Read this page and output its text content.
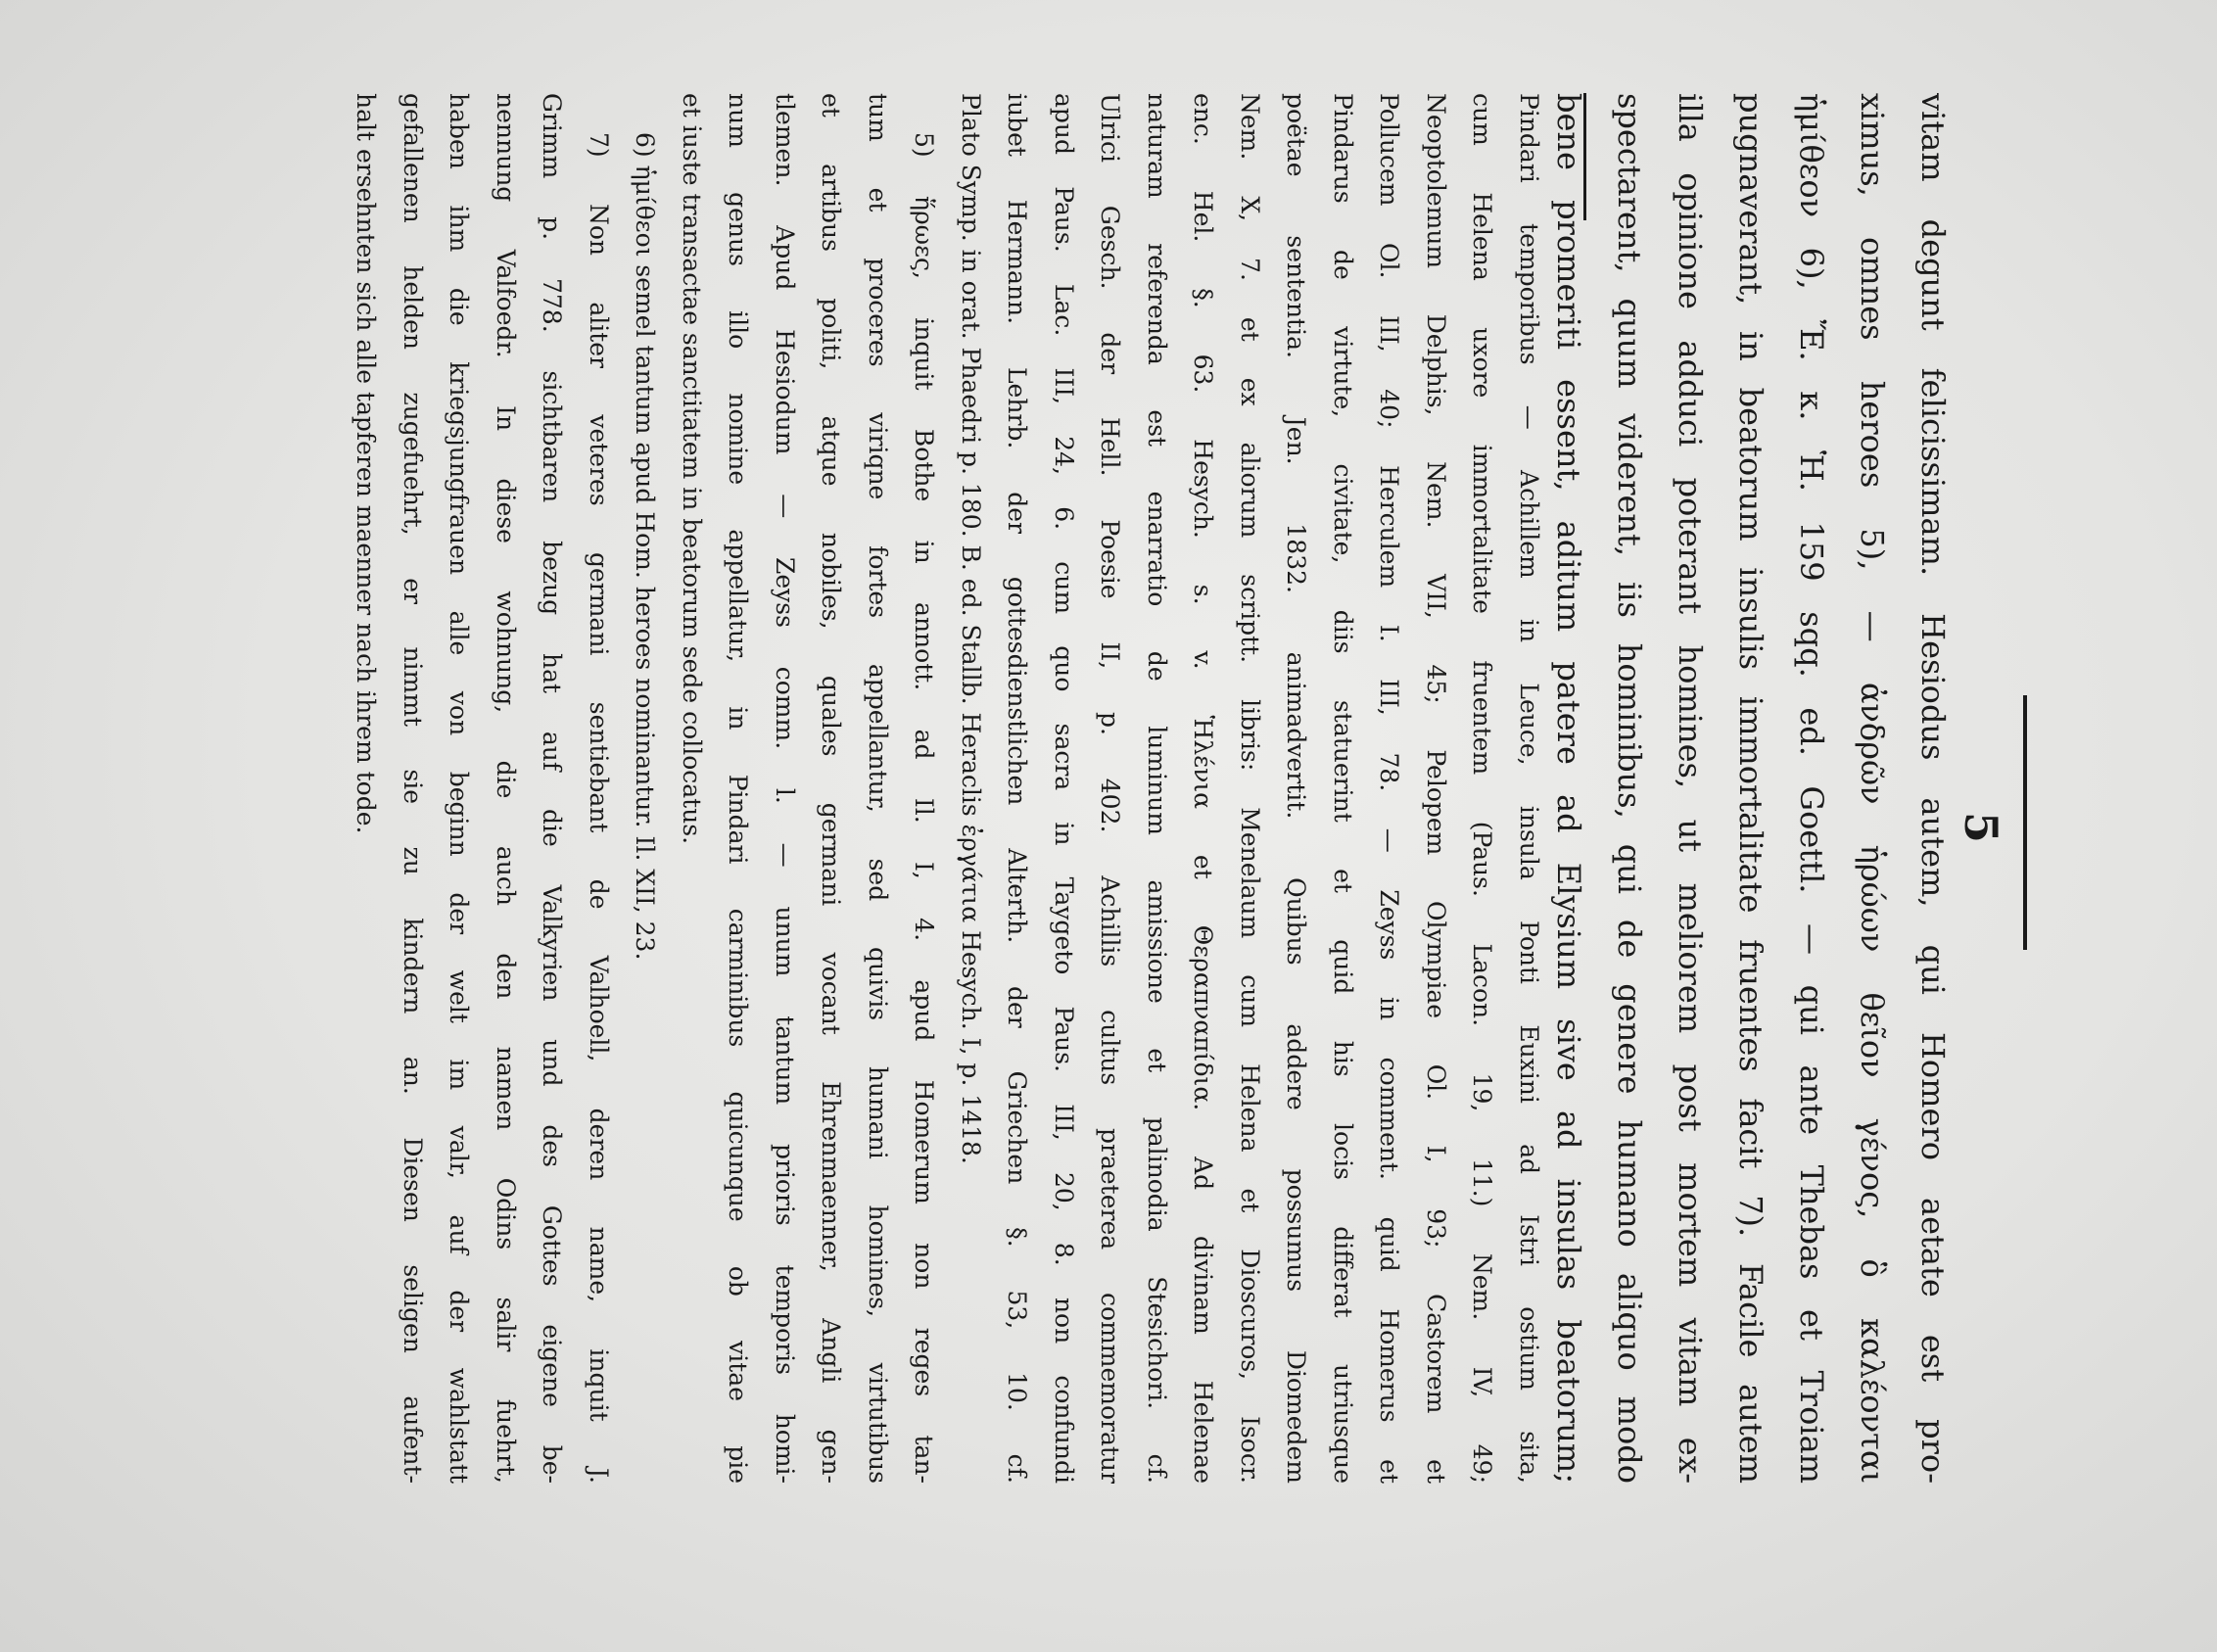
5
vitam degunt felicissimam. Hesiodus autem, qui Homero aetate est pro-
ximus, omnes heroes 5), — ἀνδρῶν ἡρώων θεῖον γένος, ὃ καλέονται
ἡμίθεον 6), Ἔ. κ. Ἡ. 159 sqq. ed. Goettl. — qui ante Thebas et Troiam
pugnaverant, in beatorum insulis immortalitate fruentes facit 7). Facile autem
illa opinione adduci poterant homines, ut meliorem post mortem vitam ex-
spectarent, quum viderent, iis hominibus, qui de genere humano aliquo modo
bene promeriti essent, aditum patere ad Elysium sive ad insulas beatorum;
Pindari temporibus — Achillem in Leuce, insula Ponti Euxini ad Istri ostium sita,
cum Helena uxore immortalitate fruentem (Paus. Lacon. 19, 11.) Nem. IV, 49;
Neoptolemum Delphis, Nem. VII, 45; Pelopem Olympiae Ol. I, 93; Castorem et
Pollucem Ol. III, 40; Herculem I. III, 78. — Zeyss in comment. quid Homerus et
Pindarus de virtute, civitate, diis statuerint et quid his locis differat utriusque
poëtae sententia. Jen. 1832. animadvertit. Quibus addere possumus Diomedem
Nem. X, 7. et ex aliorum scriptt. libris: Menelaum cum Helena et Dioscuros, Isocr.
enc. Hel. §. 63. Hesych. s. v. Ἡλένια et Θεραπναπίδια. Ad divinam Helenae
naturam referenda est enarratio de luminum amissione et palinodia Stesichori. cf.
Ulrici Gesch. der Hell. Poesie II, p. 402. Achillis cultus praeterea commemoratur
apud Paus. Lac. III, 24, 6. cum quo sacra in Taygeto Paus. III, 20, 8. non confundi
iubet Hermann. Lehrb. der gottesdienstlichen Alterth. der Griechen §. 53, 10. cf.
Plato Symp. in orat. Phaedri p. 180. B. ed. Stallb. Heraclis ἐργάτια Hesych. I, p. 1418.
5) ἥρωες, inquit Bothe in annott. ad Il. I, 4. apud Homerum non reges tan-
tum et proceres viriqne fortes appellantur, sed quivis humani homines, virtutibus
et artibus politi, atque nobiles, quales germani vocant Ehrenmaenner, Angli gen-
tlemen. Apud Hesiodum — Zeyss comm. l. — unum tantum prioris temporis homi-
num genus illo nomine appellatur, in Pindari carminibus quicunque ob vitae pie
et iuste transactae sanctitatem in beatorum sede collocatus.
6) ἡμίθεοι semel tantum apud Hom. heroes nominantur. Il. XII, 23.
7) Non aliter veteres germani sentiebant de Valhoell, deren name, inquit J.
Grimm p. 778. sichtbaren bezug hat auf die Valkyrien und des Gottes eigene be-
nennung Valfoedr. In diese wohnung, die auch den namen Odins salir fuehrt,
haben ihm die kriegsjungfrauen alle von beginn der welt im valr, auf der wahlstatt
gefallenen helden zugefuehrt, er nimmt sie zu kindern an. Diesen seligen aufent-
halt ersehnten sich alle tapferen maenner nach ihrem tode.
